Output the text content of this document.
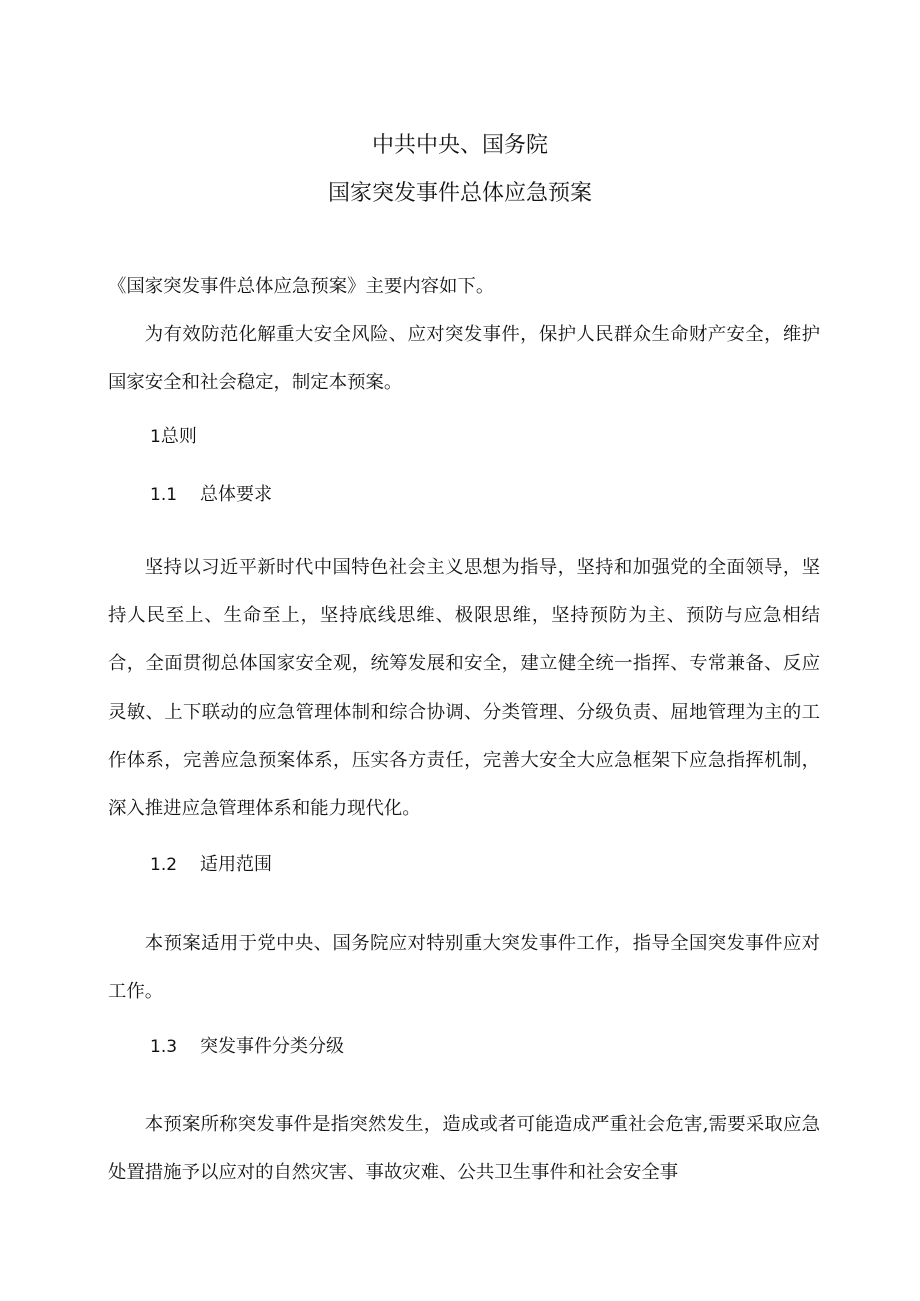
中共中央、国务院
国家突发事件总体应急预案

《国家突发事件总体应急预案》主要内容如下。

为有效防范化解重大安全风险、应对突发事件，保护人民群众生命财产安全，维护国家安全和社会稳定，制定本预案。

1总则
1.1 总体要求

坚持以习近平新时代中国特色社会主义思想为指导，坚持和加强党的全面领导，坚持人民至上、生命至上，坚持底线思维、极限思维，坚持预防为主、预防与应急相结合，全面贯彻总体国家安全观，统筹发展和安全，建立健全统一指挥、专常兼备、反应灵敏、上下联动的应急管理体制和综合协调、分类管理、分级负责、屈地管理为主的工作体系，完善应急预案体系，压实各方责任，完善大安全大应急框架下应急指挥机制，深入推进应急管理体系和能力现代化。

1.2 适用范围

本预案适用于党中央、国务院应对特别重大突发事件工作，指导全国突发事件应对工作。

1.3 突发事件分类分级

本预案所称突发事件是指突然发生，造成或者可能造成严重社会危害,需要采取应急处置措施予以应对的自然灾害、事故灾难、公共卫生事件和社会安全事
